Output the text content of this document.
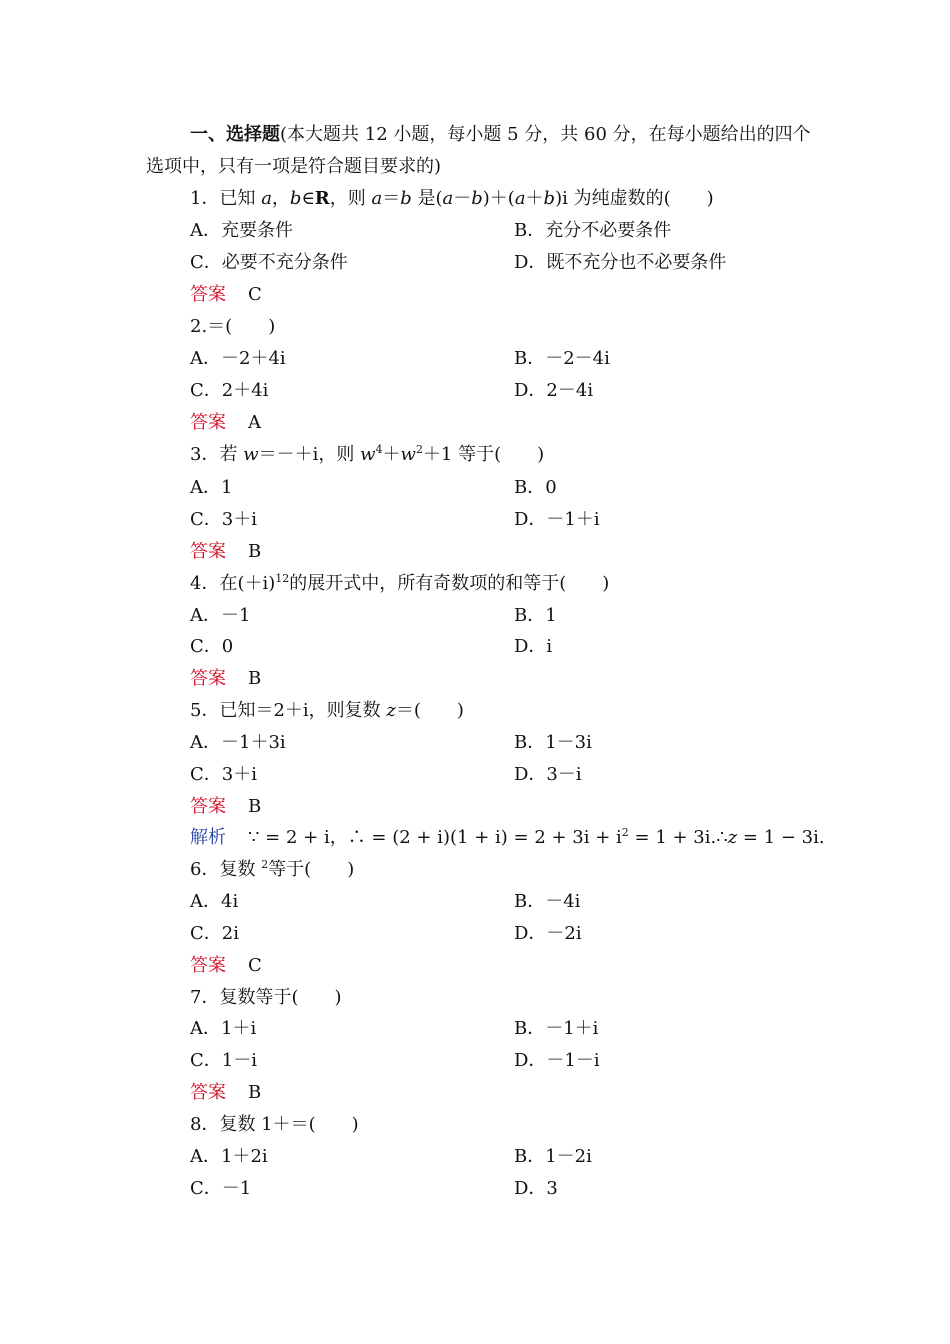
一、选择题(本大题共 12 小题，每小题 5 分，共 60 分，在每小题给出的四个
选项中，只有一项是符合题目要求的)
1．已知 a，b∈R，则 a＝b 是(a－b)＋(a＋b)i 为纯虚数的(　　)
A．充要条件	B．充分不必要条件
C．必要不充分条件	D．既不充分也不必要条件
答案 C
2.＝(　　)
A．－2＋4i	B．－2－4i
C．2＋4i	D．2－4i
答案 A
3．若 w＝－＋i，则 $w^4+w^2+1$ 等于(　　)
A．1	B．0
C．3＋i	D．－1＋i
答案 B
4．在$(+i)^{12}$的展开式中，所有奇数项的和等于(　　)
A．－1	B．1
C．0	D．i
答案 B
5．已知＝2＋i，则复数 z＝(　　)
A．－1＋3i	B．1－3i
C．3＋i	D．3－i
答案 B
解析 ∵ = 2 + i，∴ = $(2 + i)(1 + i) = 2 + 3i + i^2 = 1$ + 3i.∴z = 1 − 3i.
6．复数 $^2$等于(　　)
A．4i	B．－4i
C．2i	D．－2i
答案 C
7．复数等于(　　)
A．1＋i	B．－1＋i
C．1－i	D．－1－i
答案 B
8．复数 1＋＝(　　)
A．1＋2i	B．1－2i
C．－1	D．3
